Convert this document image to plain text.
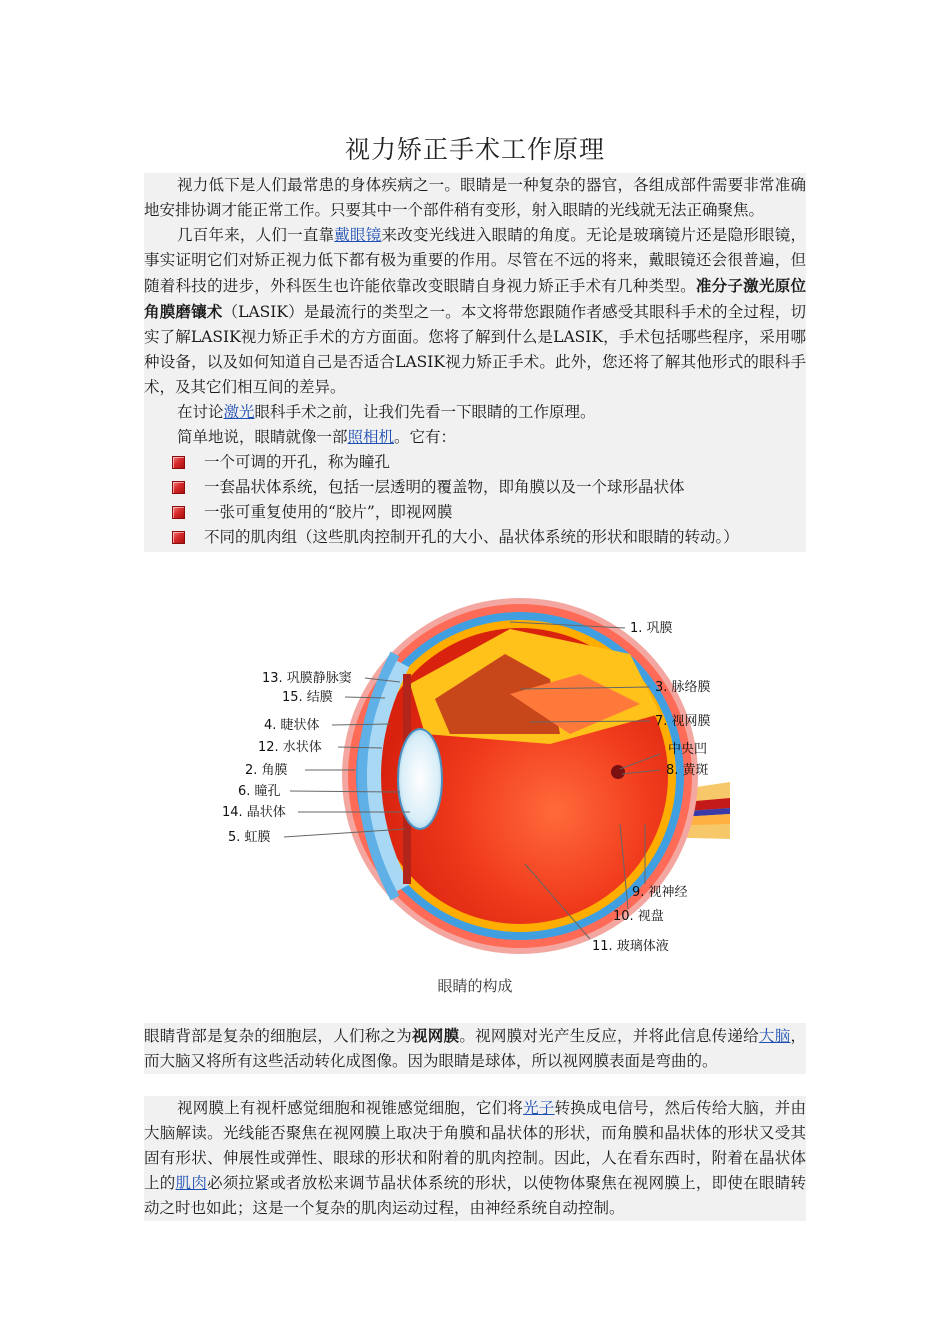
视力矫正手术工作原理

视力低下是人们最常患的身体疾病之一。眼睛是一种复杂的器官，各组成部件需要非常准确地安排协调才能正常工作。只要其中一个部件稍有变形，射入眼睛的光线就无法正确聚焦。

几百年来，人们一直靠戴眼镜来改变光线进入眼睛的角度。无论是玻璃镜片还是隐形眼镜，事实证明它们对矫正视力低下都有极为重要的作用。尽管在不远的将来，戴眼镜还会很普遍，但随着科技的进步，外科医生也许能依靠改变眼睛自身视力矫正手术有几种类型。准分子激光原位角膜磨镶术（LASIK）是最流行的类型之一。本文将带您跟随作者感受其眼科手术的全过程，切实了解LASIK视力矫正手术的方方面面。您将了解到什么是LASIK，手术包括哪些程序，采用哪种设备，以及如何知道自己是否适合LASIK视力矫正手术。此外，您还将了解其他形式的眼科手术，及其它们相互间的差异。

在讨论激光眼科手术之前，让我们先看一下眼睛的工作原理。

简单地说，眼睛就像一部照相机。它有：

一个可调的开孔，称为瞳孔
一套晶状体系统，包括一层透明的覆盖物，即角膜以及一个球形晶状体
一张可重复使用的“胶片”，即视网膜
不同的肌肉组（这些肌肉控制开孔的大小、晶状体系统的形状和眼睛的转动。）
1. 巩膜
3. 脉络膜
7. 视网膜
中央凹
8. 黄斑
9. 视神经
10. 视盘
11. 玻璃体液
13. 巩膜静脉窦
15. 结膜
4. 睫状体
12. 水状体
2. 角膜
6. 瞳孔
14. 晶状体
5. 虹膜
眼睛的构成

眼睛背部是复杂的细胞层，人们称之为视网膜。视网膜对光产生反应，并将此信息传递给大脑，而大脑又将所有这些活动转化成图像。因为眼睛是球体，所以视网膜表面是弯曲的。

视网膜上有视杆感觉细胞和视锥感觉细胞，它们将光子转换成电信号，然后传给大脑，并由大脑解读。光线能否聚焦在视网膜上取决于角膜和晶状体的形状，而角膜和晶状体的形状又受其固有形状、伸展性或弹性、眼球的形状和附着的肌肉控制。因此，人在看东西时，附着在晶状体上的肌肉必须拉紧或者放松来调节晶状体系统的形状，以使物体聚焦在视网膜上，即使在眼睛转动之时也如此；这是一个复杂的肌肉运动过程，由神经系统自动控制。
